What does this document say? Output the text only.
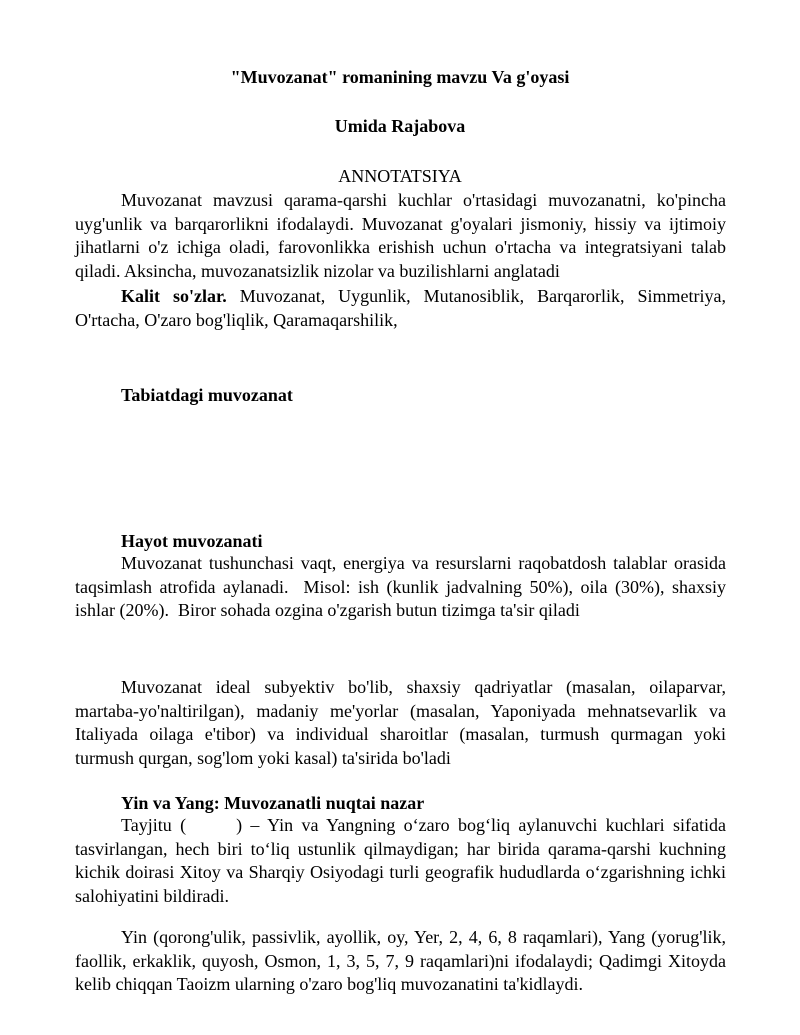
"Muvozanat" romanining mavzu Va g'oyasi
Umida Rajabova
ANNOTATSIYA
Muvozanat mavzusi qarama-qarshi kuchlar o'rtasidagi muvozanatni, ko'pincha
uyg'unlik va barqarorlikni ifodalaydi. Muvozanat g'oyalari jismoniy, hissiy va ijtimoiy
jihatlarni o'z ichiga oladi, farovonlikka erishish uchun o'rtacha va integratsiyani talab
qiladi. Aksincha, muvozanatsizlik nizolar va buzilishlarni anglatadi
Kalit so'zlar. Muvozanat, Uygunlik, Mutanosiblik, Barqarorlik, Simmetriya,
O'rtacha, O'zaro bog'liqlik, Qaramaqarshilik,
Tabiatdagi muvozanat
Hayot muvozanati
Muvozanat tushunchasi vaqt, energiya va resurslarni raqobatdosh talablar orasida
taqsimlash atrofida aylanadi.  Misol: ish (kunlik jadvalning 50%), oila (30%), shaxsiy
ishlar (20%).  Biror sohada ozgina o'zgarish butun tizimga ta'sir qiladi
Muvozanat ideal subyektiv bo'lib, shaxsiy qadriyatlar (masalan, oilaparvar,
martaba-yo'naltirilgan), madaniy me'yorlar (masalan, Yaponiyada mehnatsevarlik va
Italiyada oilaga e'tibor) va individual sharoitlar (masalan, turmush qurmagan yoki
turmush qurgan, sog'lom yoki kasal) ta'sirida bo'ladi
Yin va Yang: Muvozanatli nuqtai nazar
Tayjitu (	) – Yin va Yangning o‘zaro bog‘liq aylanuvchi kuchlari sifatida
tasvirlangan, hech biri to‘liq ustunlik qilmaydigan; har birida qarama-qarshi kuchning
kichik doirasi Xitoy va Sharqiy Osiyodagi turli geografik hududlarda o‘zgarishning ichki
salohiyatini bildiradi.
Yin (qorong'ulik, passivlik, ayollik, oy, Yer, 2, 4, 6, 8 raqamlari), Yang (yorug'lik,
faollik, erkaklik, quyosh, Osmon, 1, 3, 5, 7, 9 raqamlari)ni ifodalaydi; Qadimgi Xitoyda
kelib chiqqan Taoizm ularning o'zaro bog'liq muvozanatini ta'kidlaydi.
